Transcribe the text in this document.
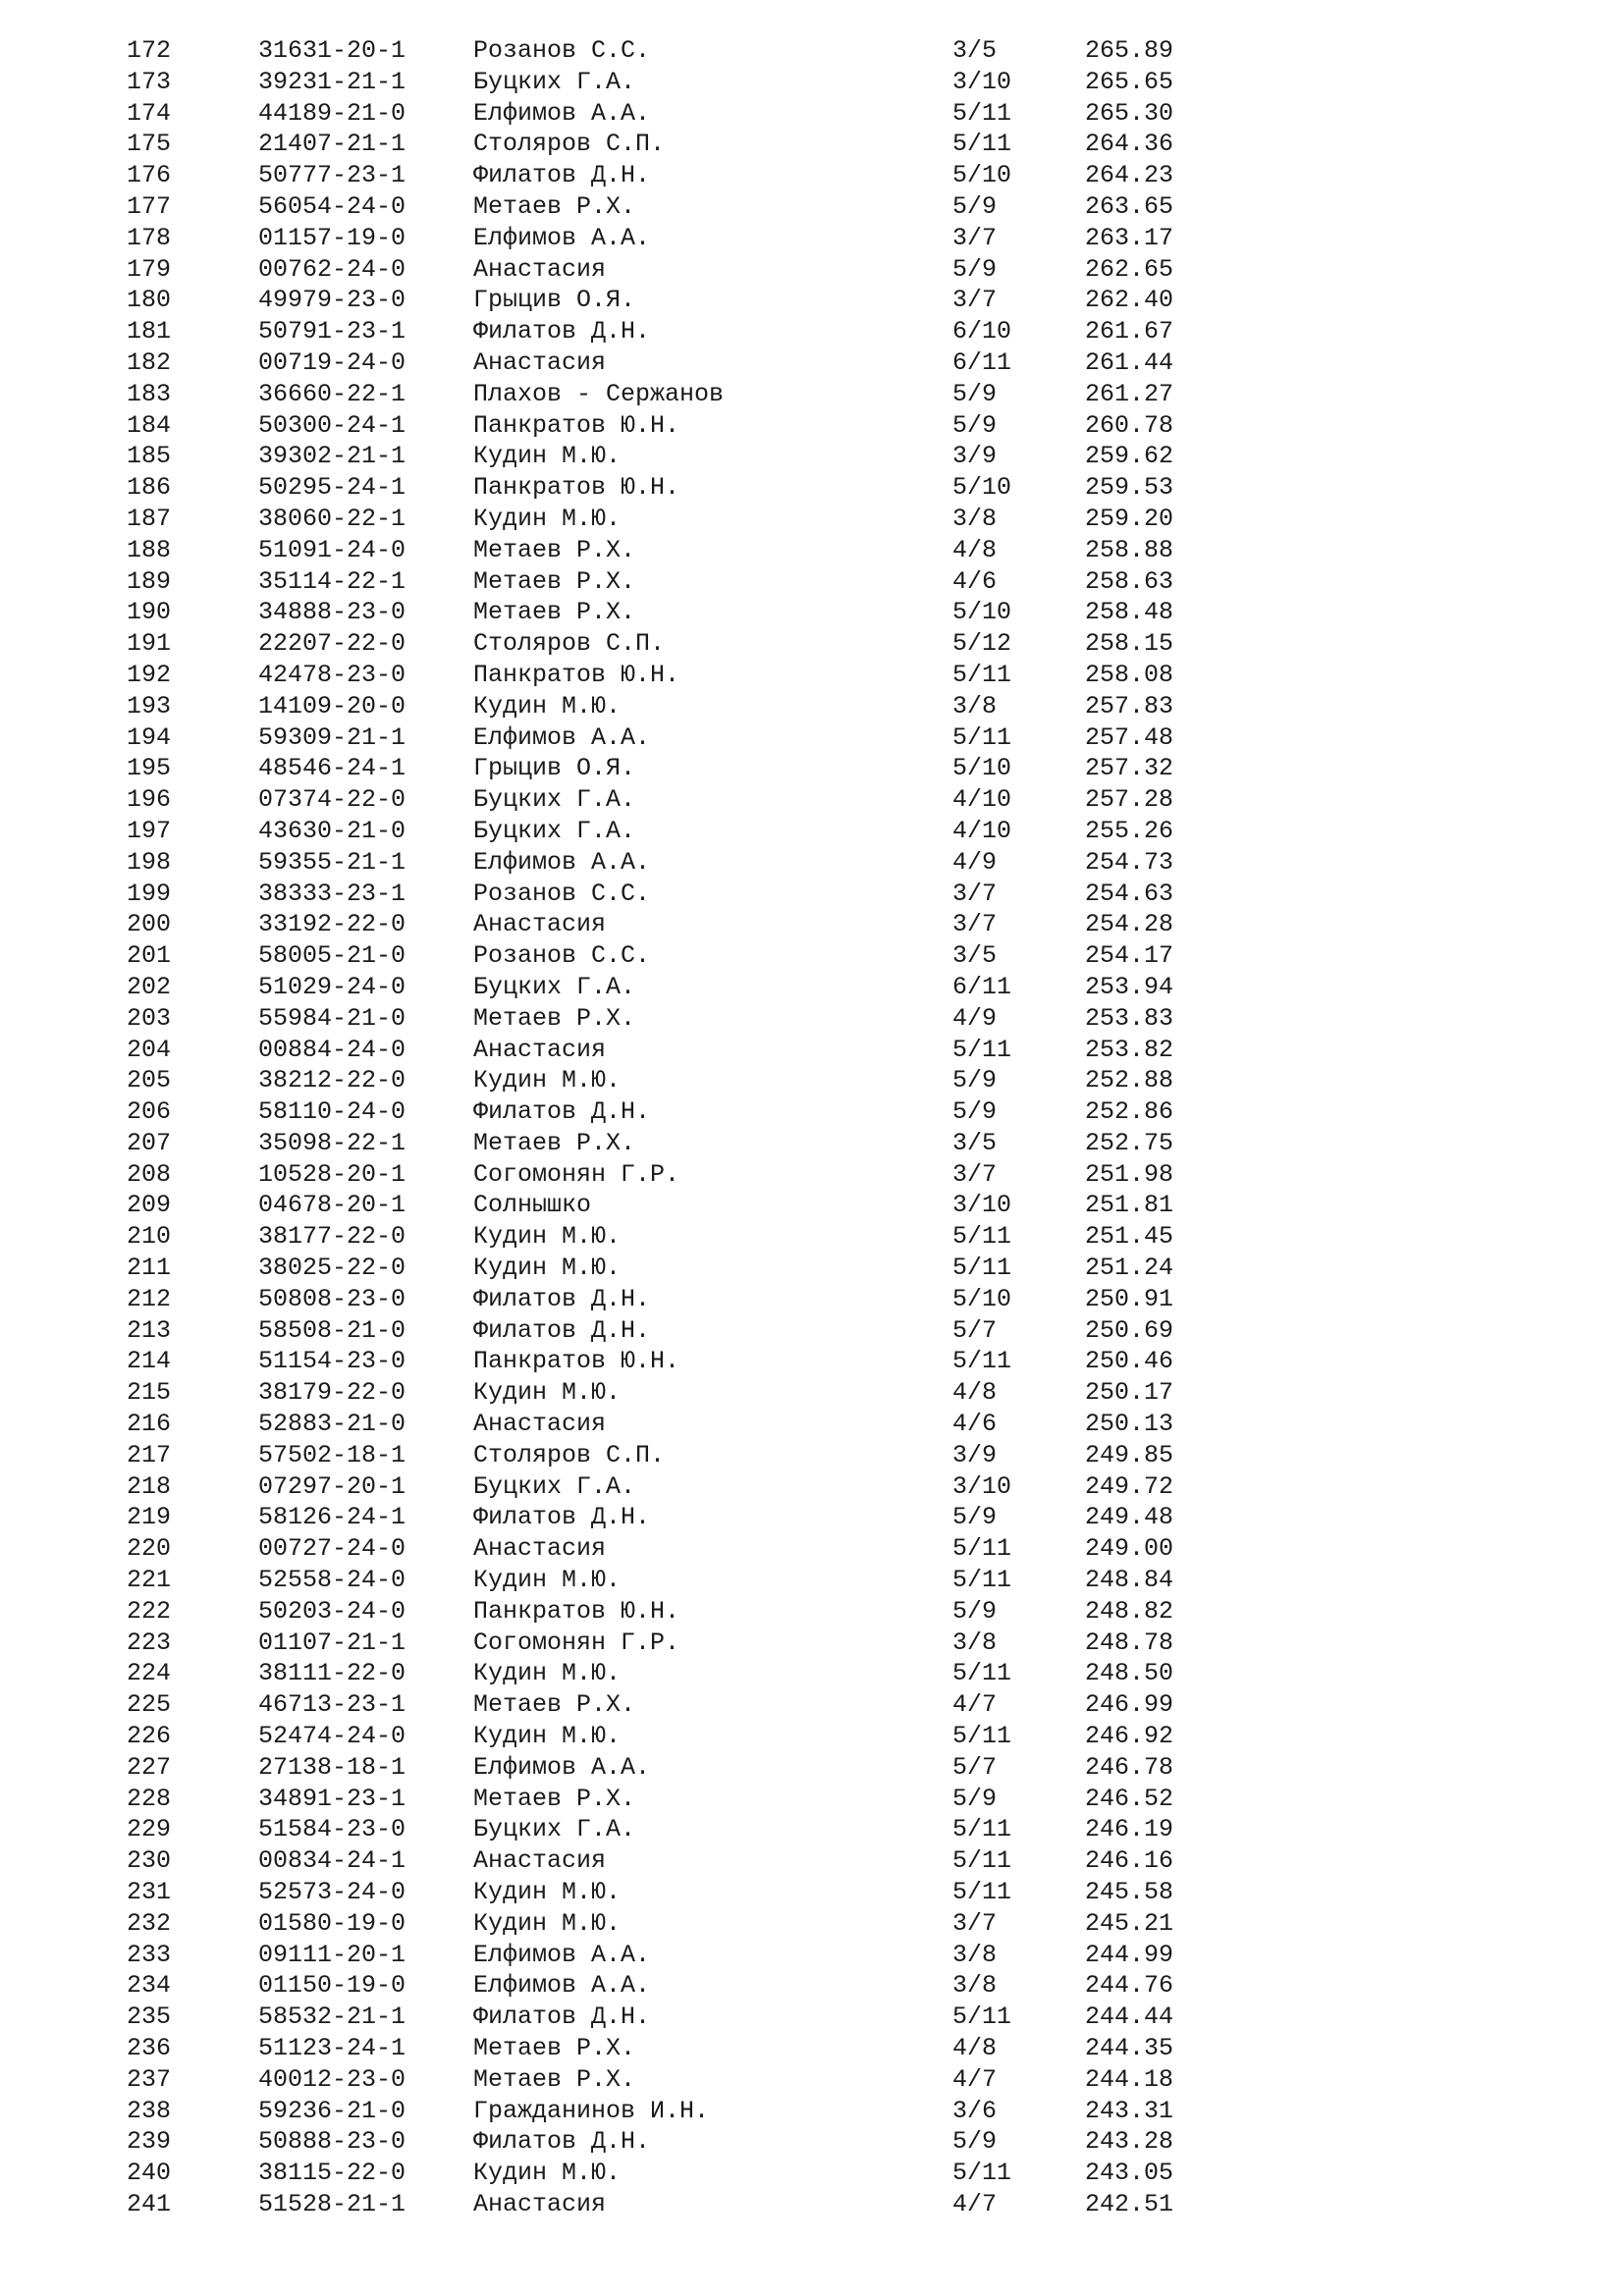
172	31631-20-1	Розанов С.С.	3/5	265.89
173	39231-21-1	Буцких Г.А.	3/10	265.65
174	44189-21-0	Елфимов А.А.	5/11	265.30
175	21407-21-1	Столяров С.П.	5/11	264.36
176	50777-23-1	Филатов Д.Н.	5/10	264.23
177	56054-24-0	Метаев Р.Х.	5/9	263.65
178	01157-19-0	Елфимов А.А.	3/7	263.17
179	00762-24-0	Анастасия	5/9	262.65
180	49979-23-0	Грыцив О.Я.	3/7	262.40
181	50791-23-1	Филатов Д.Н.	6/10	261.67
182	00719-24-0	Анастасия	6/11	261.44
183	36660-22-1	Плахов - Сержанов	5/9	261.27
184	50300-24-1	Панкратов Ю.Н.	5/9	260.78
185	39302-21-1	Кудин М.Ю.	3/9	259.62
186	50295-24-1	Панкратов Ю.Н.	5/10	259.53
187	38060-22-1	Кудин М.Ю.	3/8	259.20
188	51091-24-0	Метаев Р.Х.	4/8	258.88
189	35114-22-1	Метаев Р.Х.	4/6	258.63
190	34888-23-0	Метаев Р.Х.	5/10	258.48
191	22207-22-0	Столяров С.П.	5/12	258.15
192	42478-23-0	Панкратов Ю.Н.	5/11	258.08
193	14109-20-0	Кудин М.Ю.	3/8	257.83
194	59309-21-1	Елфимов А.А.	5/11	257.48
195	48546-24-1	Грыцив О.Я.	5/10	257.32
196	07374-22-0	Буцких Г.А.	4/10	257.28
197	43630-21-0	Буцких Г.А.	4/10	255.26
198	59355-21-1	Елфимов А.А.	4/9	254.73
199	38333-23-1	Розанов С.С.	3/7	254.63
200	33192-22-0	Анастасия	3/7	254.28
201	58005-21-0	Розанов С.С.	3/5	254.17
202	51029-24-0	Буцких Г.А.	6/11	253.94
203	55984-21-0	Метаев Р.Х.	4/9	253.83
204	00884-24-0	Анастасия	5/11	253.82
205	38212-22-0	Кудин М.Ю.	5/9	252.88
206	58110-24-0	Филатов Д.Н.	5/9	252.86
207	35098-22-1	Метаев Р.Х.	3/5	252.75
208	10528-20-1	Согомонян Г.Р.	3/7	251.98
209	04678-20-1	Солнышко	3/10	251.81
210	38177-22-0	Кудин М.Ю.	5/11	251.45
211	38025-22-0	Кудин М.Ю.	5/11	251.24
212	50808-23-0	Филатов Д.Н.	5/10	250.91
213	58508-21-0	Филатов Д.Н.	5/7	250.69
214	51154-23-0	Панкратов Ю.Н.	5/11	250.46
215	38179-22-0	Кудин М.Ю.	4/8	250.17
216	52883-21-0	Анастасия	4/6	250.13
217	57502-18-1	Столяров С.П.	3/9	249.85
218	07297-20-1	Буцких Г.А.	3/10	249.72
219	58126-24-1	Филатов Д.Н.	5/9	249.48
220	00727-24-0	Анастасия	5/11	249.00
221	52558-24-0	Кудин М.Ю.	5/11	248.84
222	50203-24-0	Панкратов Ю.Н.	5/9	248.82
223	01107-21-1	Согомонян Г.Р.	3/8	248.78
224	38111-22-0	Кудин М.Ю.	5/11	248.50
225	46713-23-1	Метаев Р.Х.	4/7	246.99
226	52474-24-0	Кудин М.Ю.	5/11	246.92
227	27138-18-1	Елфимов А.А.	5/7	246.78
228	34891-23-1	Метаев Р.Х.	5/9	246.52
229	51584-23-0	Буцких Г.А.	5/11	246.19
230	00834-24-1	Анастасия	5/11	246.16
231	52573-24-0	Кудин М.Ю.	5/11	245.58
232	01580-19-0	Кудин М.Ю.	3/7	245.21
233	09111-20-1	Елфимов А.А.	3/8	244.99
234	01150-19-0	Елфимов А.А.	3/8	244.76
235	58532-21-1	Филатов Д.Н.	5/11	244.44
236	51123-24-1	Метаев Р.Х.	4/8	244.35
237	40012-23-0	Метаев Р.Х.	4/7	244.18
238	59236-21-0	Гражданинов И.Н.	3/6	243.31
239	50888-23-0	Филатов Д.Н.	5/9	243.28
240	38115-22-0	Кудин М.Ю.	5/11	243.05
241	51528-21-1	Анастасия	4/7	242.51
